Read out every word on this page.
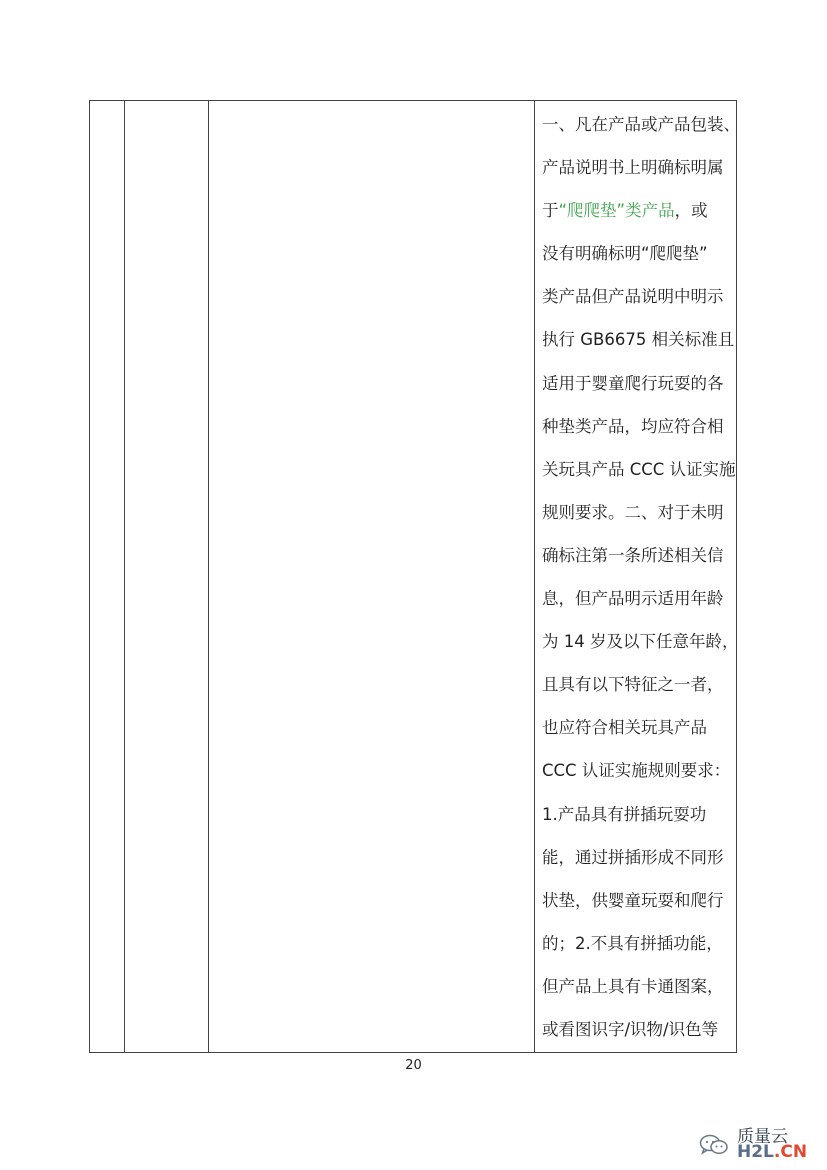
一、凡在产品或产品包装、
产品说明书上明确标明属
于“爬爬垫”类产品，或
没有明确标明“爬爬垫”
类产品但产品说明中明示
执行 GB6675 相关标准且
适用于婴童爬行玩耍的各
种垫类产品，均应符合相
关玩具产品 CCC 认证实施
规则要求。二、对于未明
确标注第一条所述相关信
息，但产品明示适用年龄
为 14 岁及以下任意年龄，
且具有以下特征之一者，
也应符合相关玩具产品
CCC 认证实施规则要求：
1.产品具有拼插玩耍功
能，通过拼插形成不同形
状垫，供婴童玩耍和爬行
的；2.不具有拼插功能，
但产品上具有卡通图案，
或看图识字/识物/识色等
20
质量云
H2L.CN
